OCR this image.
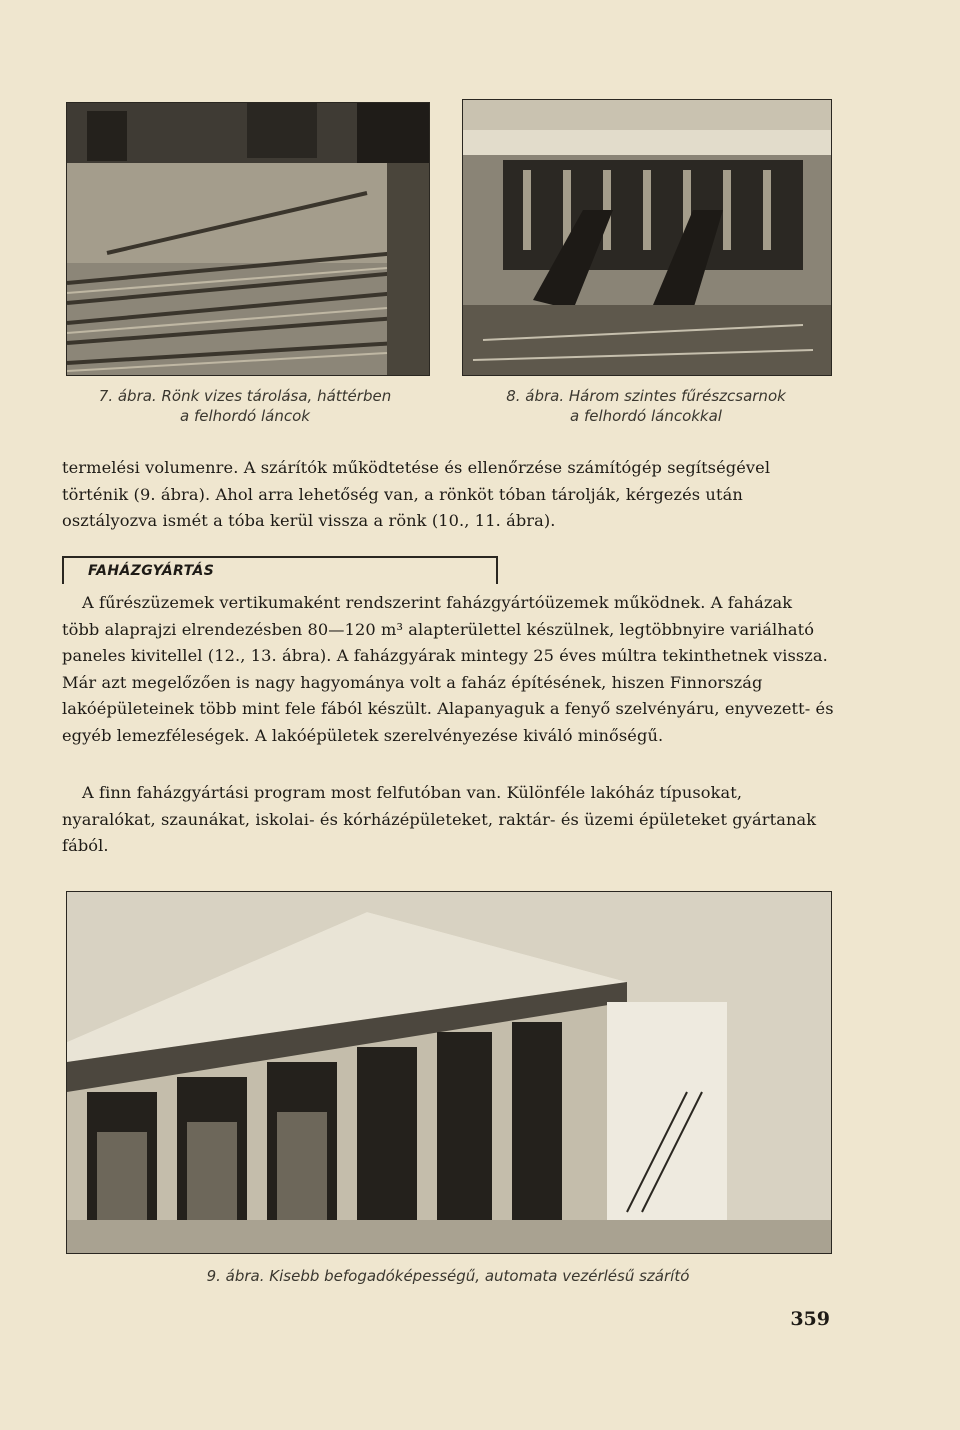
7. ábra. Rönk vizes tárolása, háttérben
a felhordó láncok
8. ábra. Három szintes fűrészcsarnok
a felhordó láncokkal

termelési volumenre. A szárítók működtetése és ellenőrzése számítógép segítségével történik (9. ábra). Ahol arra lehetőség van, a rönköt tóban tárolják, kérgezés után osztályozva ismét a tóba kerül vissza a rönk (10., 11. ábra).

FAHÁZGYÁRTÁS

A fűrészüzemek vertikumaként rendszerint faházgyártóüzemek működnek. A faházak több alaprajzi elrendezésben 80—120 m³ alapterülettel készülnek, legtöbbnyire variálható paneles kivitellel (12., 13. ábra). A faházgyárak mintegy 25 éves múltra tekinthetnek vissza. Már azt megelőzően is nagy hagyománya volt a faház építésének, hiszen Finnország lakóépületeinek több mint fele fából készült. Alapanyaguk a fenyő szelvényáru, enyvezett- és egyéb lemezféleségek. A lakóépületek szerelvényezése kiváló minőségű.

A finn faházgyártási program most felfutóban van. Különféle lakóház típusokat, nyaralókat, szaunákat, iskolai- és kórházépületeket, raktár- és üzemi épületeket gyártanak fából.

9. ábra. Kisebb befogadóképességű, automata vezérlésű szárító
359
